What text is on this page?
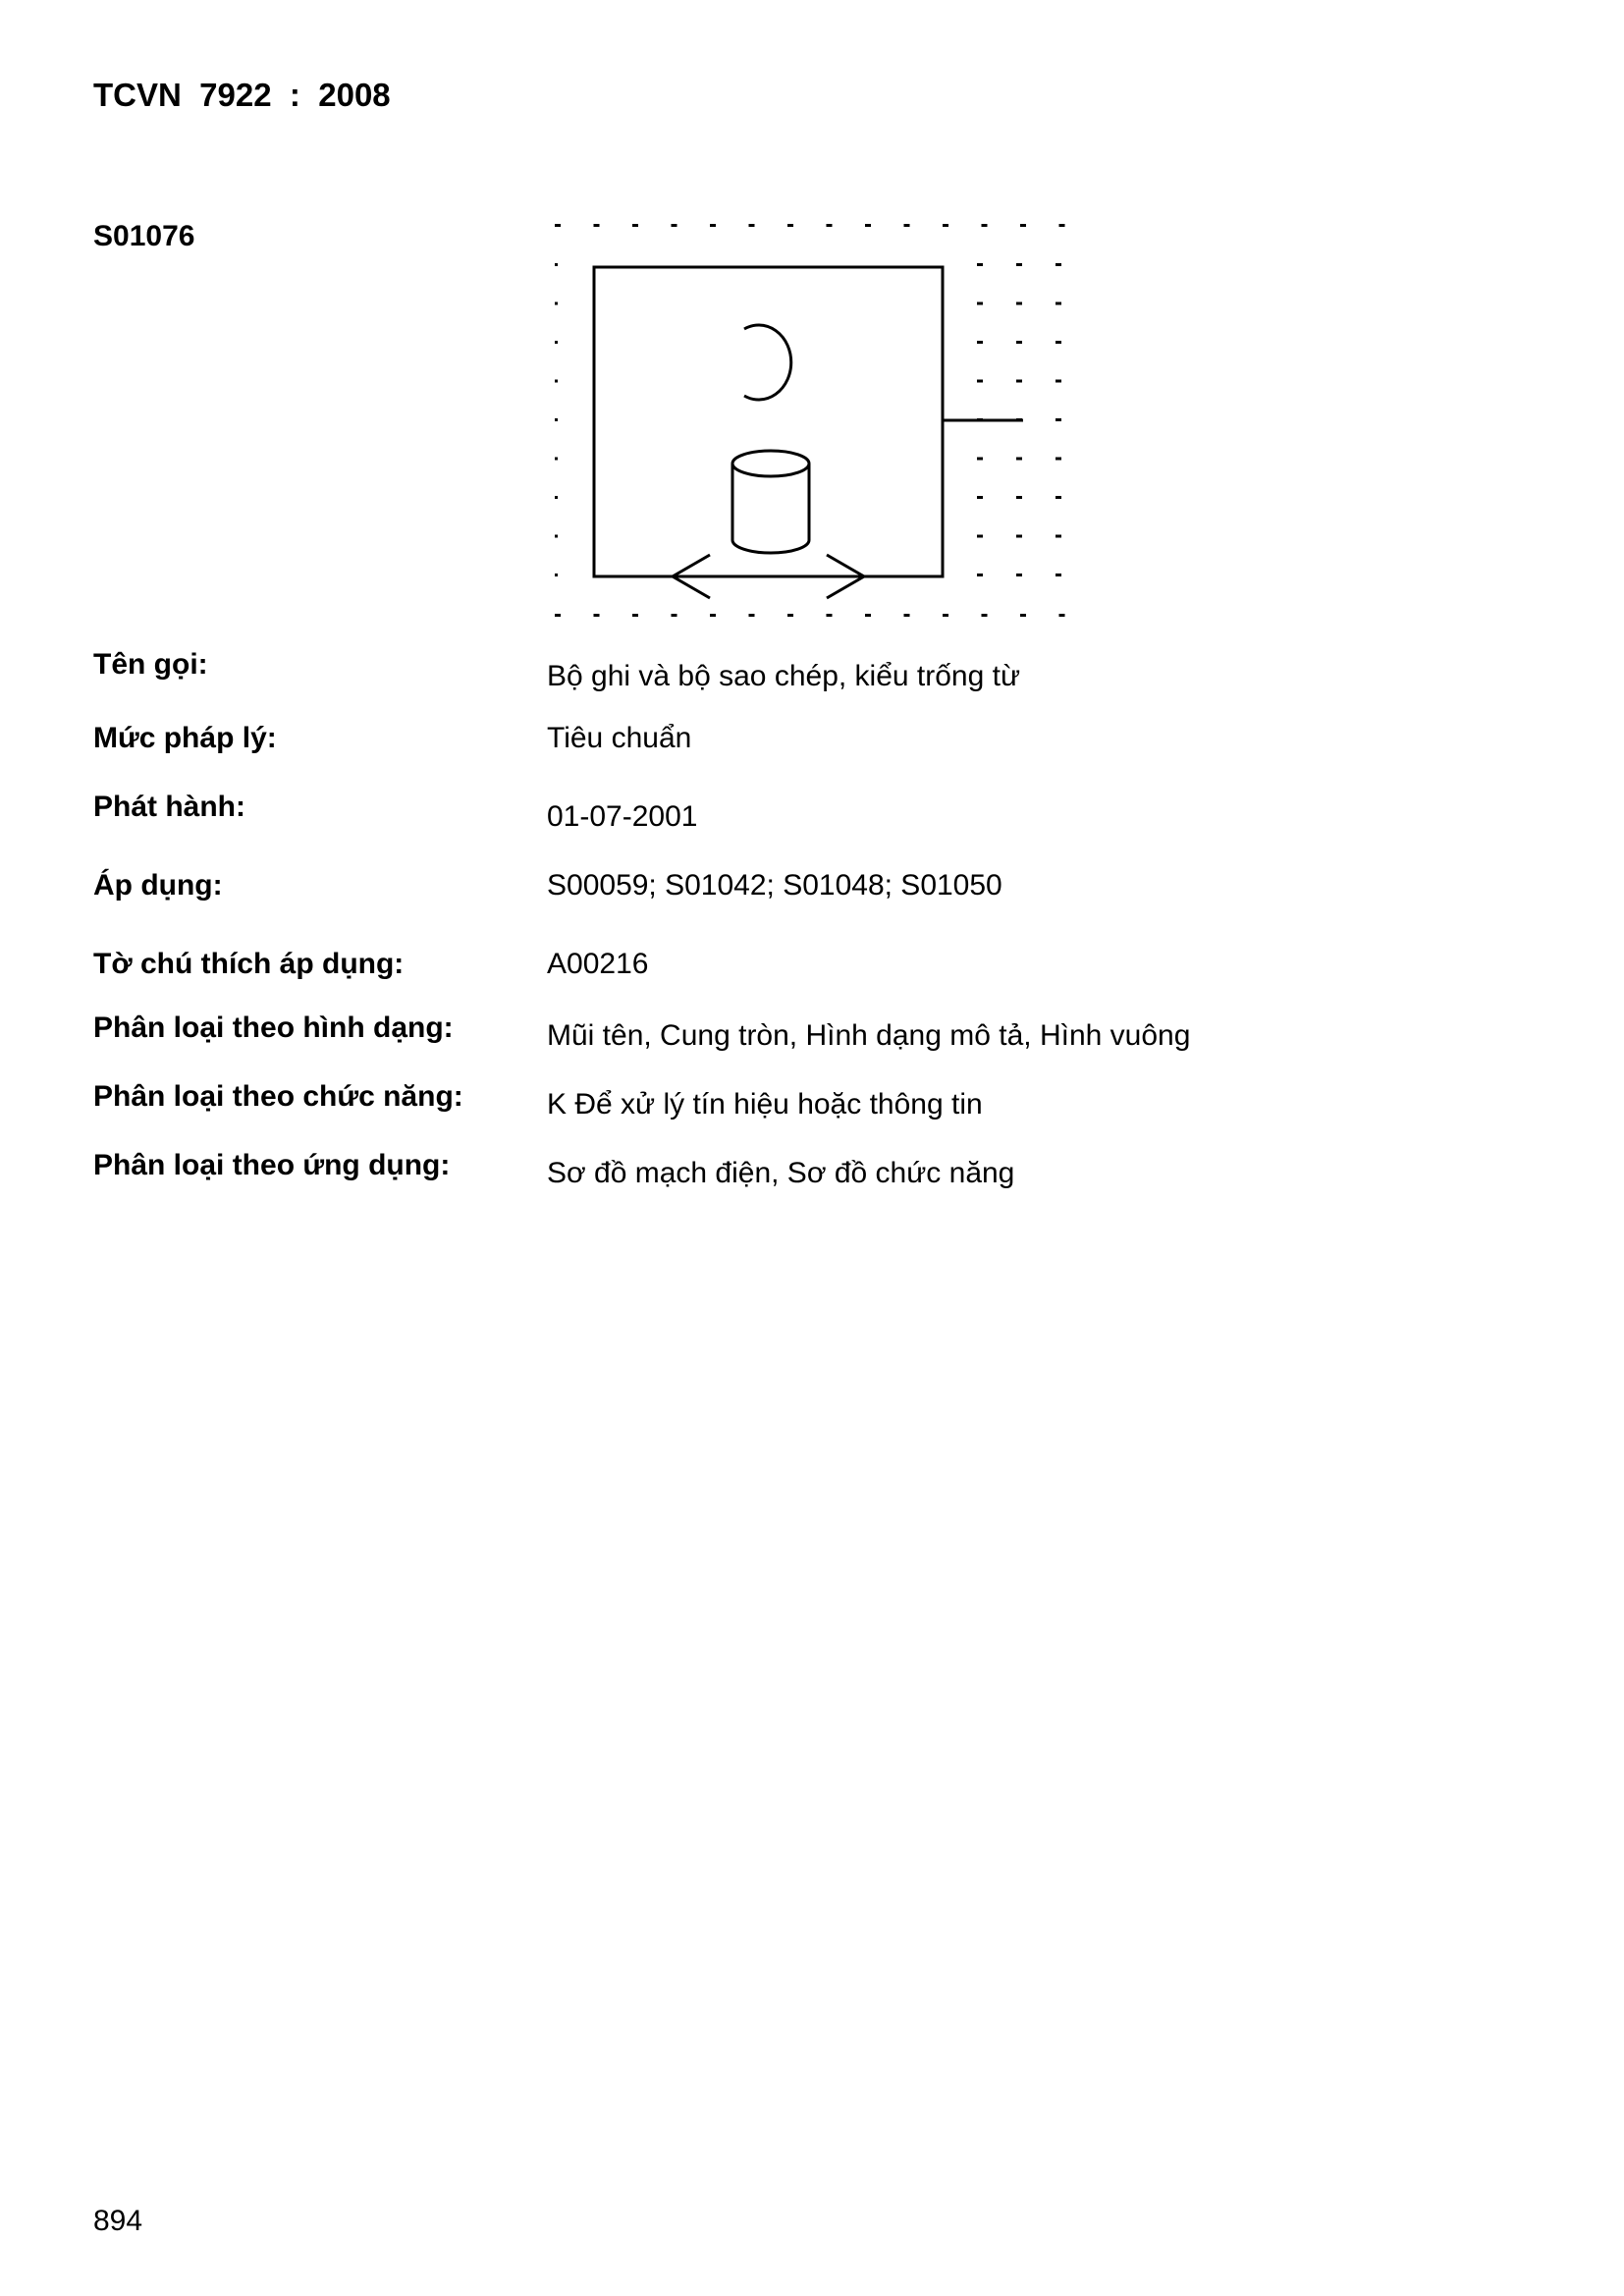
TCVN  7922  :  2008
S01076
Tên gọi:	Bộ ghi và bộ sao chép, kiểu trống từ
Mức pháp lý:	Tiêu chuẩn
Phát hành:	01-07-2001
Áp dụng:	S00059; S01042; S01048; S01050
Tờ chú thích áp dụng:	A00216
Phân loại theo hình dạng:	Mũi tên, Cung tròn, Hình dạng mô tả, Hình vuông
Phân loại theo chức năng:	K Để xử lý tín hiệu hoặc thông tin
Phân loại theo ứng dụng:	Sơ đồ mạch điện, Sơ đồ chức năng
894
